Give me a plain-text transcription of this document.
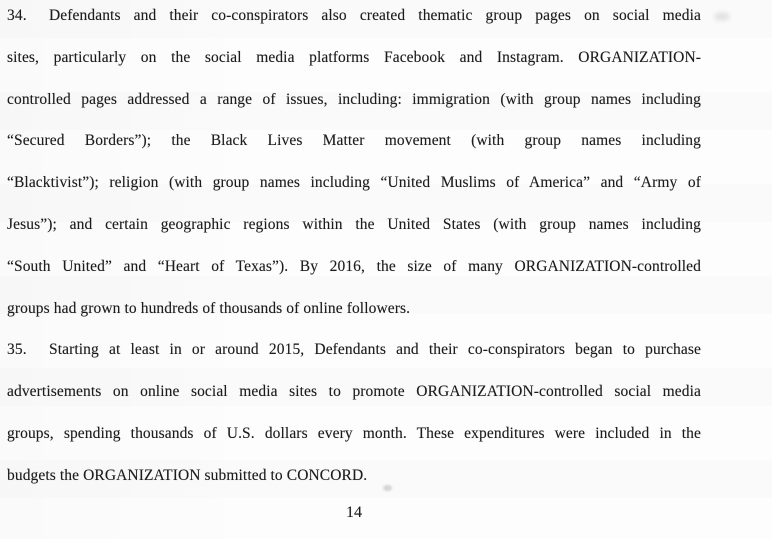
34. Defendants and their co-conspirators also created thematic group pages on social media
sites, particularly on the social media platforms Facebook and Instagram. ORGANIZATION-
controlled pages addressed a range of issues, including: immigration (with group names including
“Secured Borders”); the Black Lives Matter movement (with group names including
“Blacktivist”); religion (with group names including “United Muslims of America” and “Army of
Jesus”); and certain geographic regions within the United States (with group names including
“South United” and “Heart of Texas”). By 2016, the size of many ORGANIZATION-controlled
groups had grown to hundreds of thousands of online followers.
35. Starting at least in or around 2015, Defendants and their co-conspirators began to purchase
advertisements on online social media sites to promote ORGANIZATION-controlled social media
groups, spending thousands of U.S. dollars every month. These expenditures were included in the
budgets the ORGANIZATION submitted to CONCORD.
14
